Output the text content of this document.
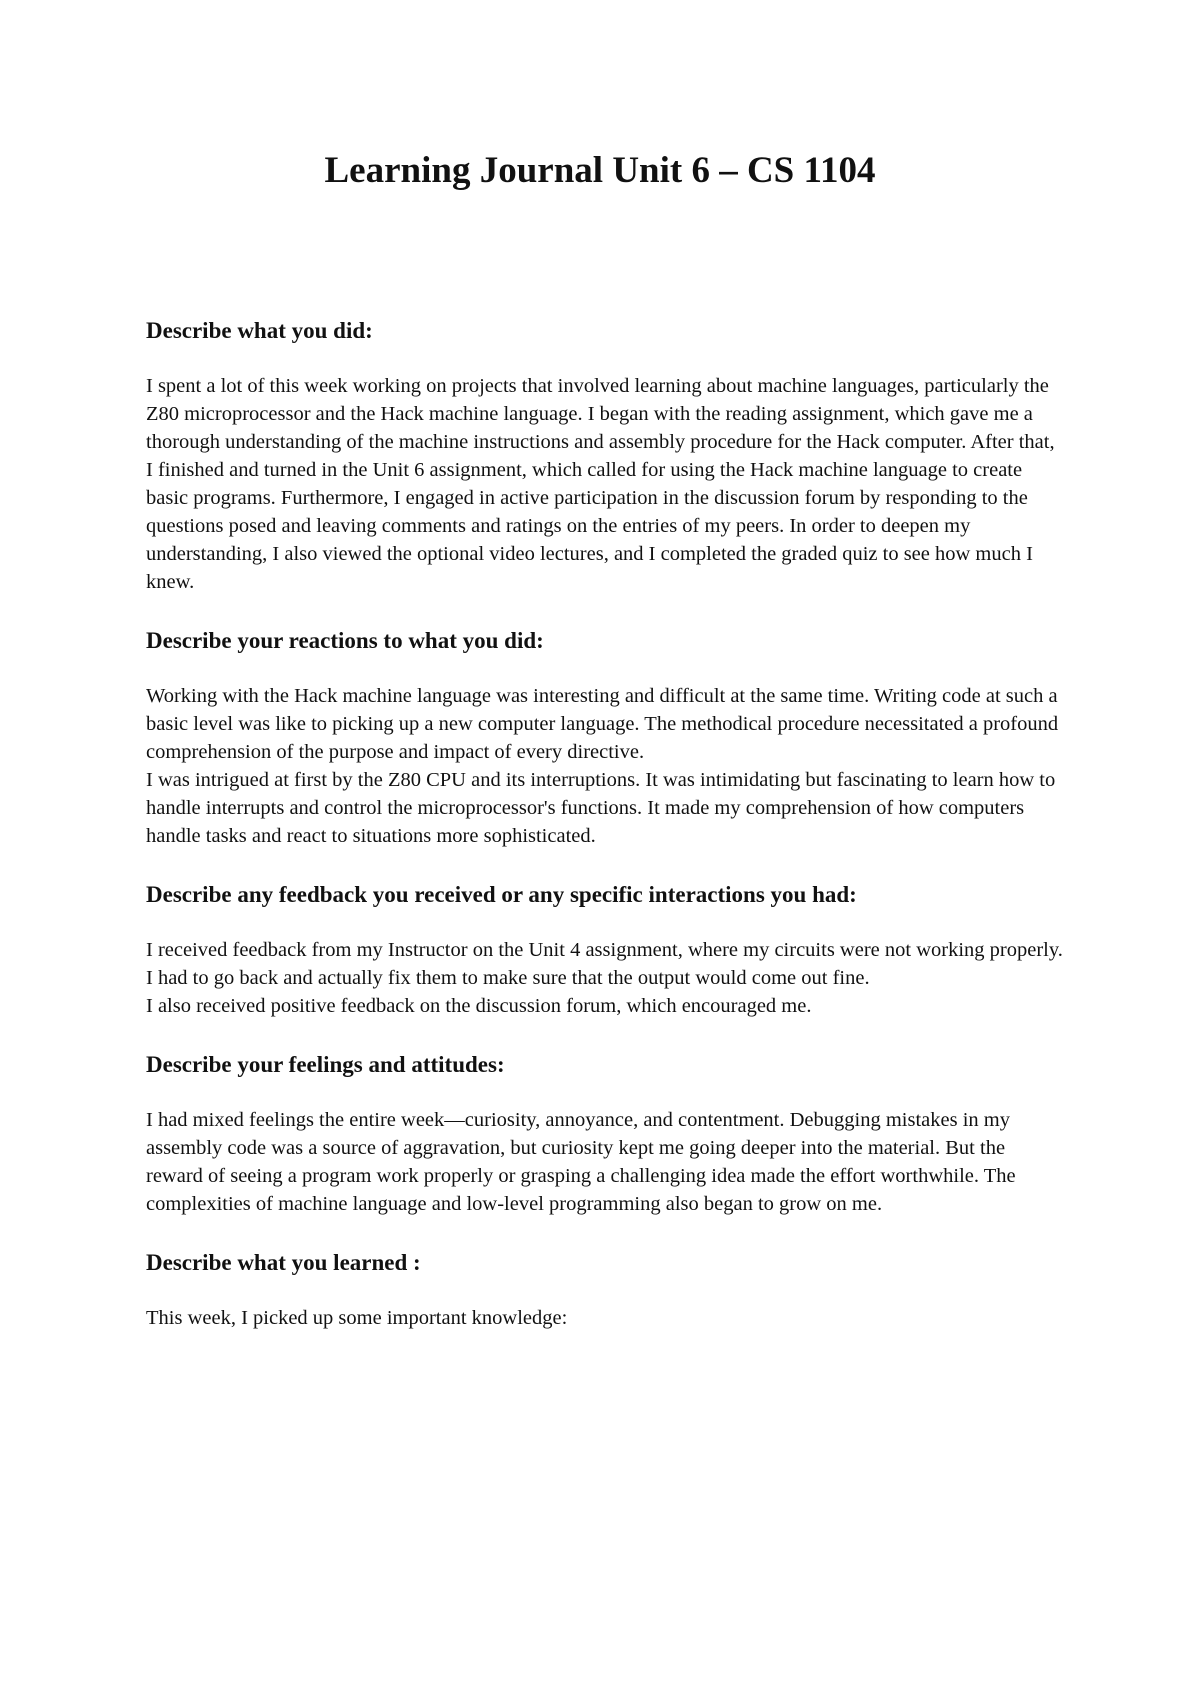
Learning Journal Unit 6 – CS 1104
Describe what you did:

I spent a lot of this week working on projects that involved learning about machine languages, particularly the Z80 microprocessor and the Hack machine language. I began with the reading assignment, which gave me a thorough understanding of the machine instructions and assembly procedure for the Hack computer. After that, I finished and turned in the Unit 6 assignment, which called for using the Hack machine language to create basic programs. Furthermore, I engaged in active participation in the discussion forum by responding to the questions posed and leaving comments and ratings on the entries of my peers. In order to deepen my understanding, I also viewed the optional video lectures, and I completed the graded quiz to see how much I knew.

Describe your reactions to what you did:

Working with the Hack machine language was interesting and difficult at the same time. Writing code at such a basic level was like to picking up a new computer language. The methodical procedure necessitated a profound comprehension of the purpose and impact of every directive.

I was intrigued at first by the Z80 CPU and its interruptions. It was intimidating but fascinating to learn how to handle interrupts and control the microprocessor's functions. It made my comprehension of how computers handle tasks and react to situations more sophisticated.

Describe any feedback you received or any specific interactions you had:

I received feedback from my Instructor on the Unit 4 assignment, where my circuits were not working properly. I had to go back and actually fix them to make sure that the output would come out fine.

I also received positive feedback on the discussion forum, which encouraged me.

Describe your feelings and attitudes:

I had mixed feelings the entire week—curiosity, annoyance, and contentment. Debugging mistakes in my assembly code was a source of aggravation, but curiosity kept me going deeper into the material. But the reward of seeing a program work properly or grasping a challenging idea made the effort worthwhile. The complexities of machine language and low-level programming also began to grow on me.

Describe what you learned :

This week, I picked up some important knowledge:
